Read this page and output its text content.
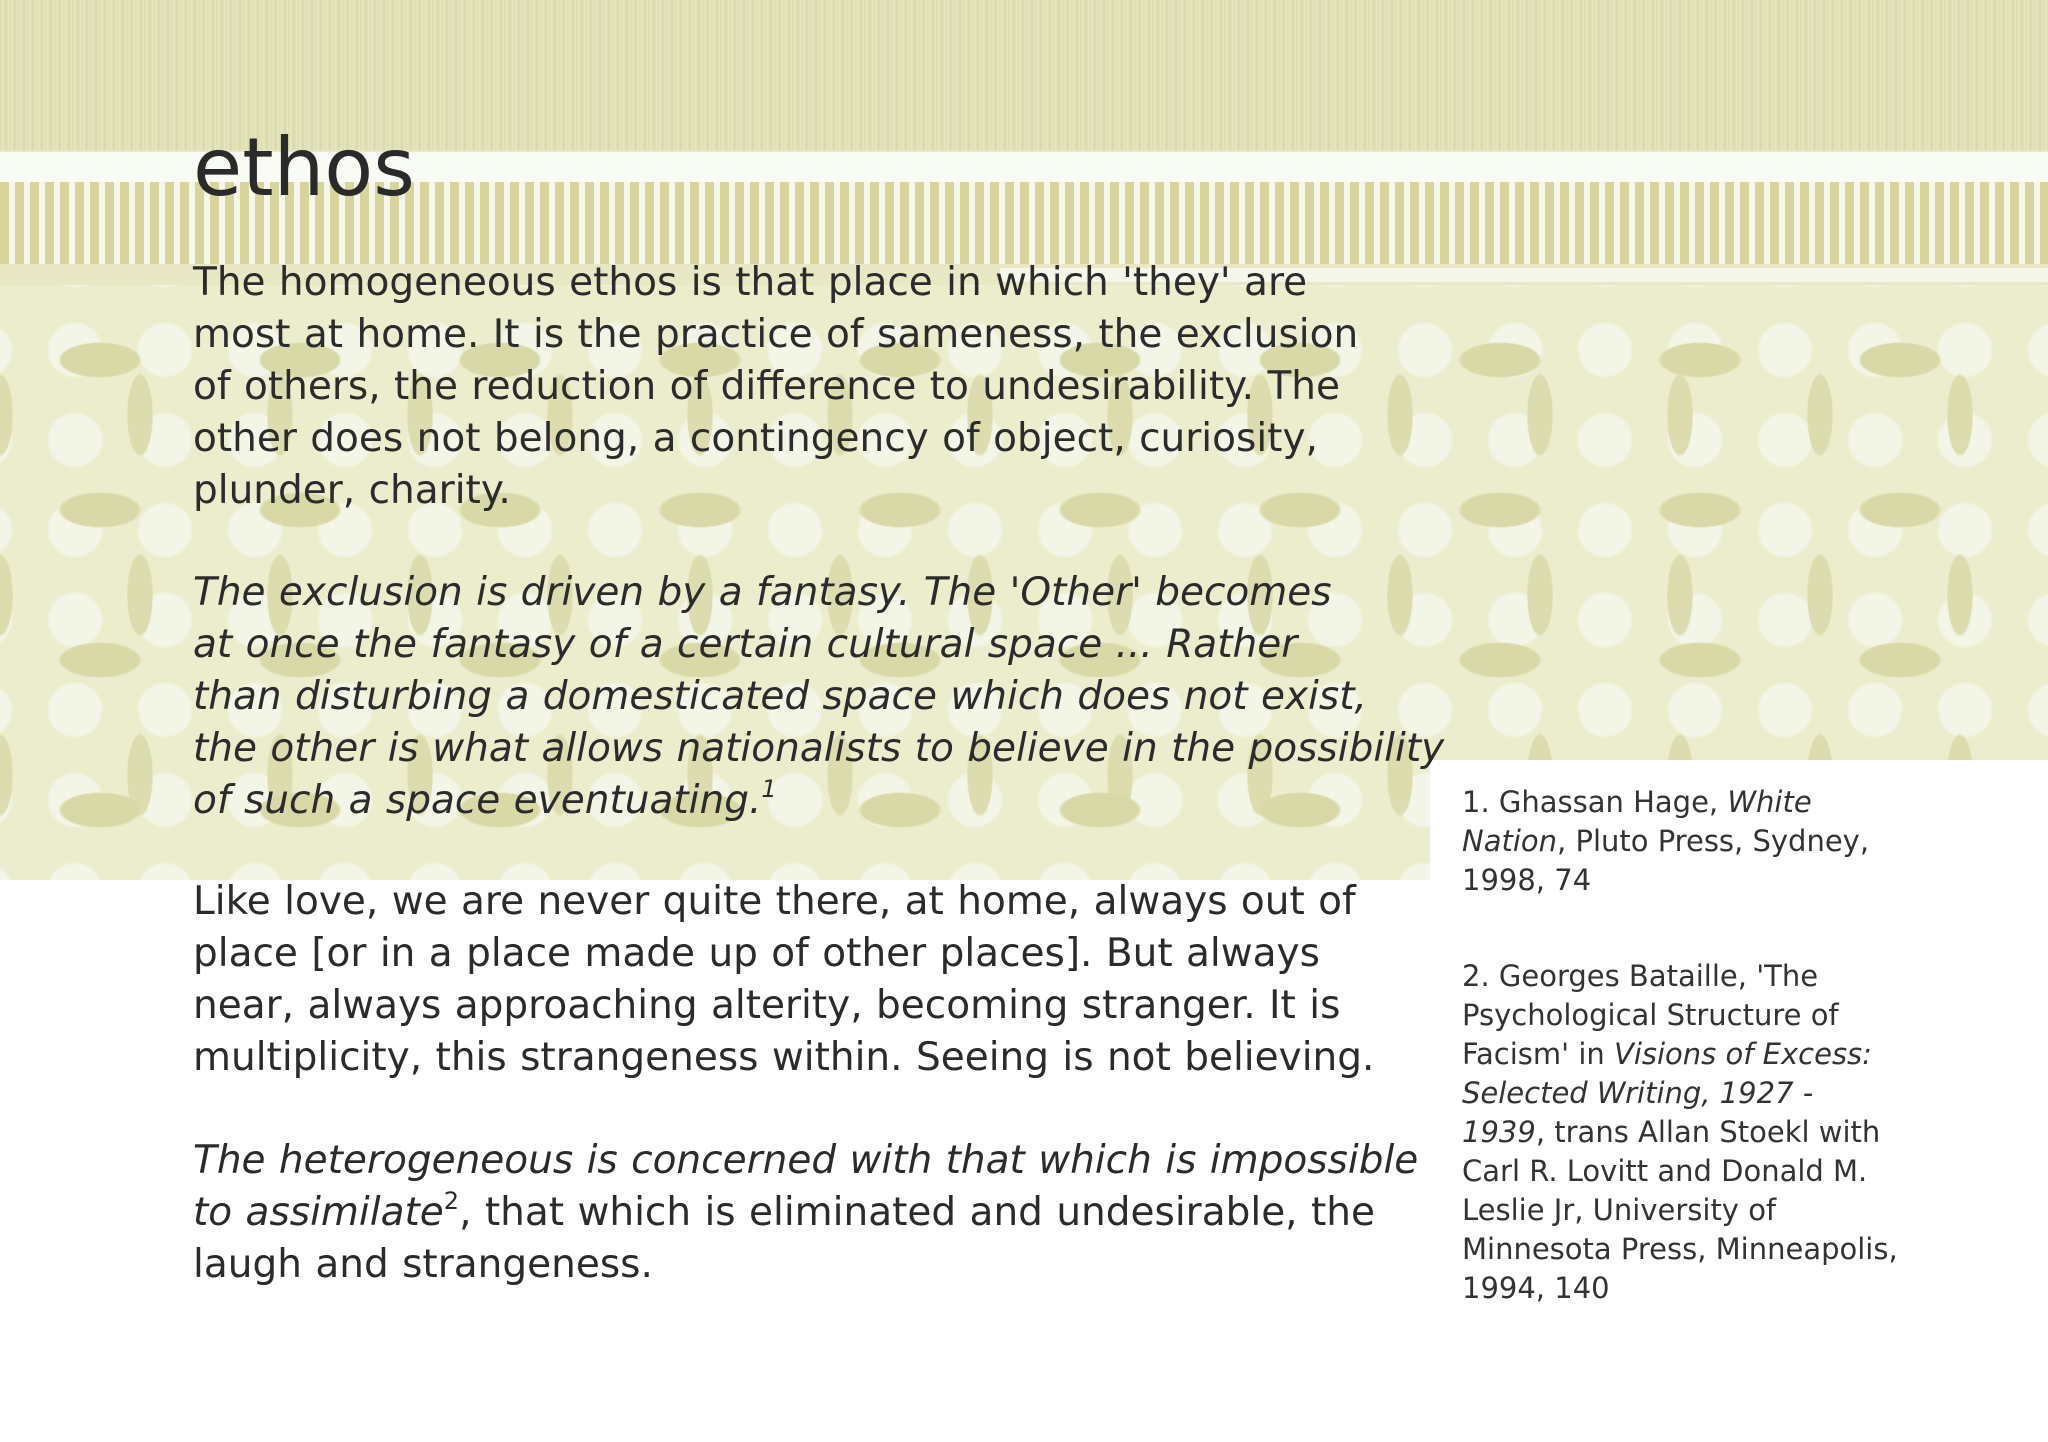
ethos

The homogeneous ethos is that place in which 'they' are
most at home. It is the practice of sameness, the exclusion
of others, the reduction of difference to undesirability. The
other does not belong, a contingency of object, curiosity,
plunder, charity.

The exclusion is driven by a fantasy. The 'Other' becomes
at once the fantasy of a certain cultural space ... Rather
than disturbing a domesticated space which does not exist,
the other is what allows nationalists to believe in the possibility
of such a space eventuating.$^1$

Like love, we are never quite there, at home, always out of
place [or in a place made up of other places]. But always
near, always approaching alterity, becoming stranger. It is
multiplicity, this strangeness within. Seeing is not believing.

The heterogeneous is concerned with that which is impossible
to assimilate$^2$, that which is eliminated and undesirable, the
laugh and strangeness.

1. Ghassan Hage, White
Nation, Pluto Press, Sydney,
1998, 74

2. Georges Bataille, 'The
Psychological Structure of
Facism' in Visions of Excess:
Selected Writing, 1927 -
1939, trans Allan Stoekl with
Carl R. Lovitt and Donald M.
Leslie Jr, University of
Minnesota Press, Minneapolis,
1994, 140
